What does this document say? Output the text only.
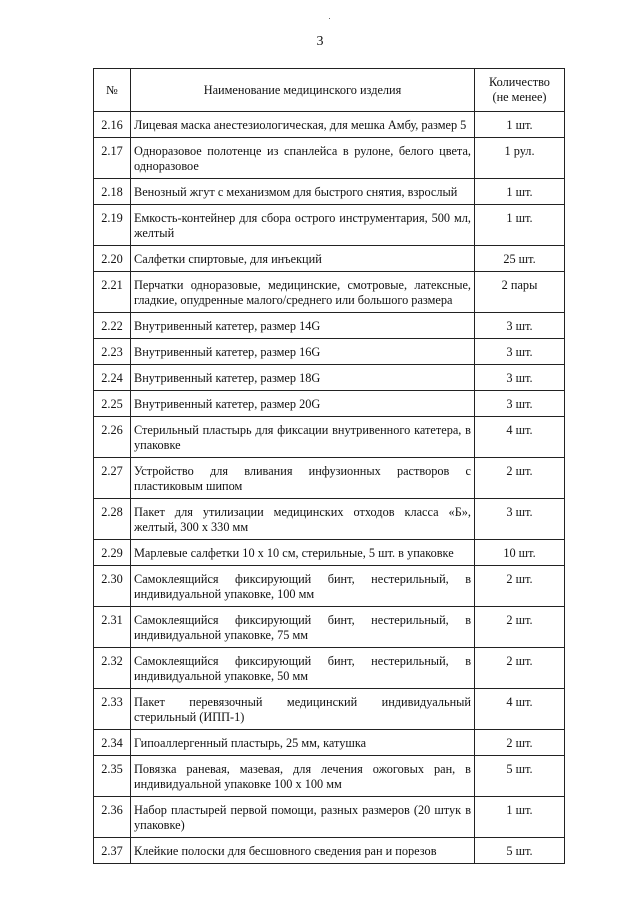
3
№	Наименование медицинского изделия	Количество
(не менее)

2.16	Лицевая маска анестезиологическая, для мешка Амбу, размер 5	1 шт.
2.17	Одноразовое полотенце из спанлейса в рулоне, белого цвета, одноразовое	1 рул.
2.18	Венозный жгут с механизмом для быстрого снятия, взрослый	1 шт.
2.19	Емкость-контейнер для сбора острого инструментария, 500 мл, желтый	1 шт.
2.20	Салфетки спиртовые, для инъекций	25 шт.
2.21	Перчатки одноразовые, медицинские, смотровые, латексные, гладкие, опудренные малого/среднего или большого размера	2 пары
2.22	Внутривенный катетер, размер 14G	3 шт.
2.23	Внутривенный катетер, размер 16G	3 шт.
2.24	Внутривенный катетер, размер 18G	3 шт.
2.25	Внутривенный катетер, размер 20G	3 шт.
2.26	Стерильный пластырь для фиксации внутривенного катетера, в упаковке	4 шт.
2.27	Устройство для вливания инфузионных растворов с пластиковым шипом	2 шт.
2.28	Пакет для утилизации медицинских отходов класса «Б», желтый, 300 x 330 мм	3 шт.
2.29	Марлевые салфетки 10 x 10 см, стерильные, 5 шт. в упаковке	10 шт.
2.30	Самоклеящийся фиксирующий бинт, нестерильный, в индивидуальной упаковке, 100 мм	2 шт.
2.31	Самоклеящийся фиксирующий бинт, нестерильный, в индивидуальной упаковке, 75 мм	2 шт.
2.32	Самоклеящийся фиксирующий бинт, нестерильный, в индивидуальной упаковке, 50 мм	2 шт.
2.33	Пакет перевязочный медицинский индивидуальный стерильный (ИПП-1)	4 шт.
2.34	Гипоаллергенный пластырь, 25 мм, катушка	2 шт.
2.35	Повязка раневая, мазевая, для лечения ожоговых ран, в индивидуальной упаковке 100 x 100 мм	5 шт.
2.36	Набор пластырей первой помощи, разных размеров (20 штук в упаковке)	1 шт.
2.37	Клейкие полоски для бесшовного сведения ран и порезов	5 шт.
